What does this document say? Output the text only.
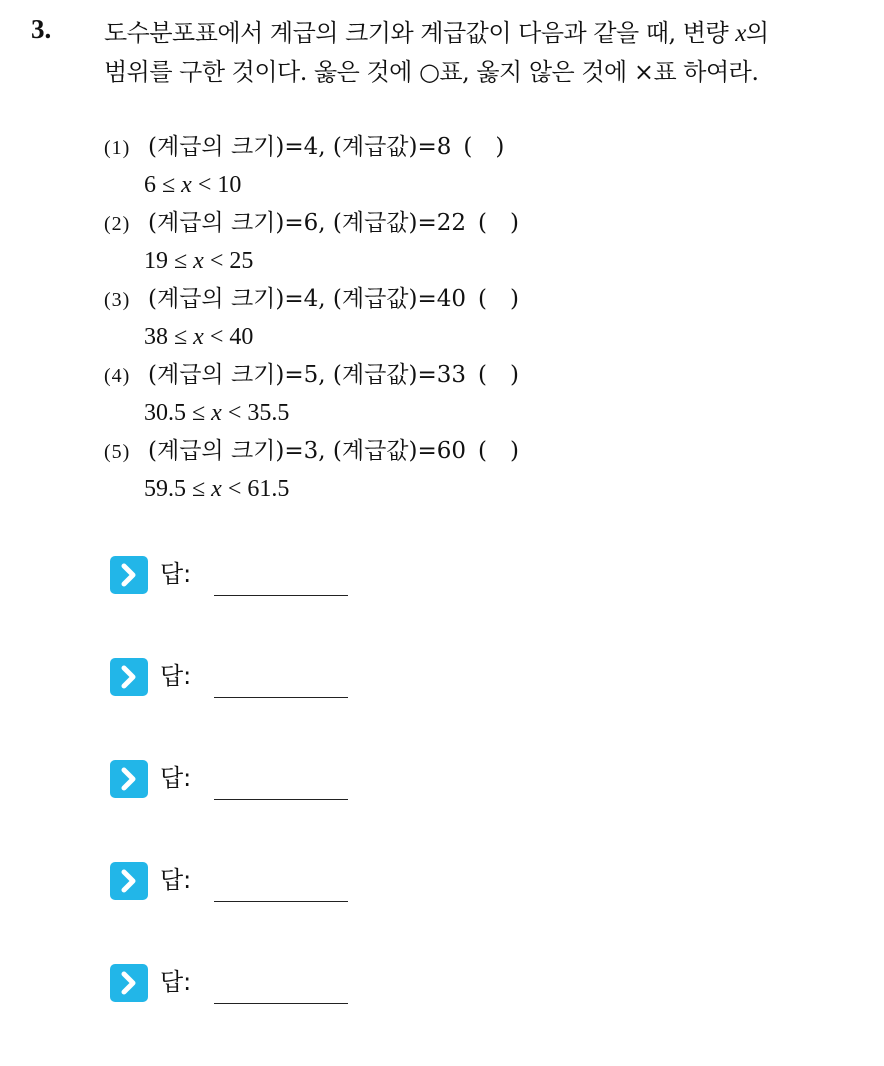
3. 도수분포표에서 계급의 크기와 계급값이 다음과 같을 때, 변량 x의
범위를 구한 것이다. 옳은 것에 ○표, 옳지 않은 것에 ×표 하여라.
(1) (계급의 크기)=4, (계급값)=8 (  )
6 ≤ x < 10
(2) (계급의 크기)=6, (계급값)=22 (  )
19 ≤ x < 25
(3) (계급의 크기)=4, (계급값)=40 (  )
38 ≤ x < 40
(4) (계급의 크기)=5, (계급값)=33 (  )
30.5 ≤ x < 35.5
(5) (계급의 크기)=3, (계급값)=60 (  )
59.5 ≤ x < 61.5
답:
답:
답:
답:
답:
